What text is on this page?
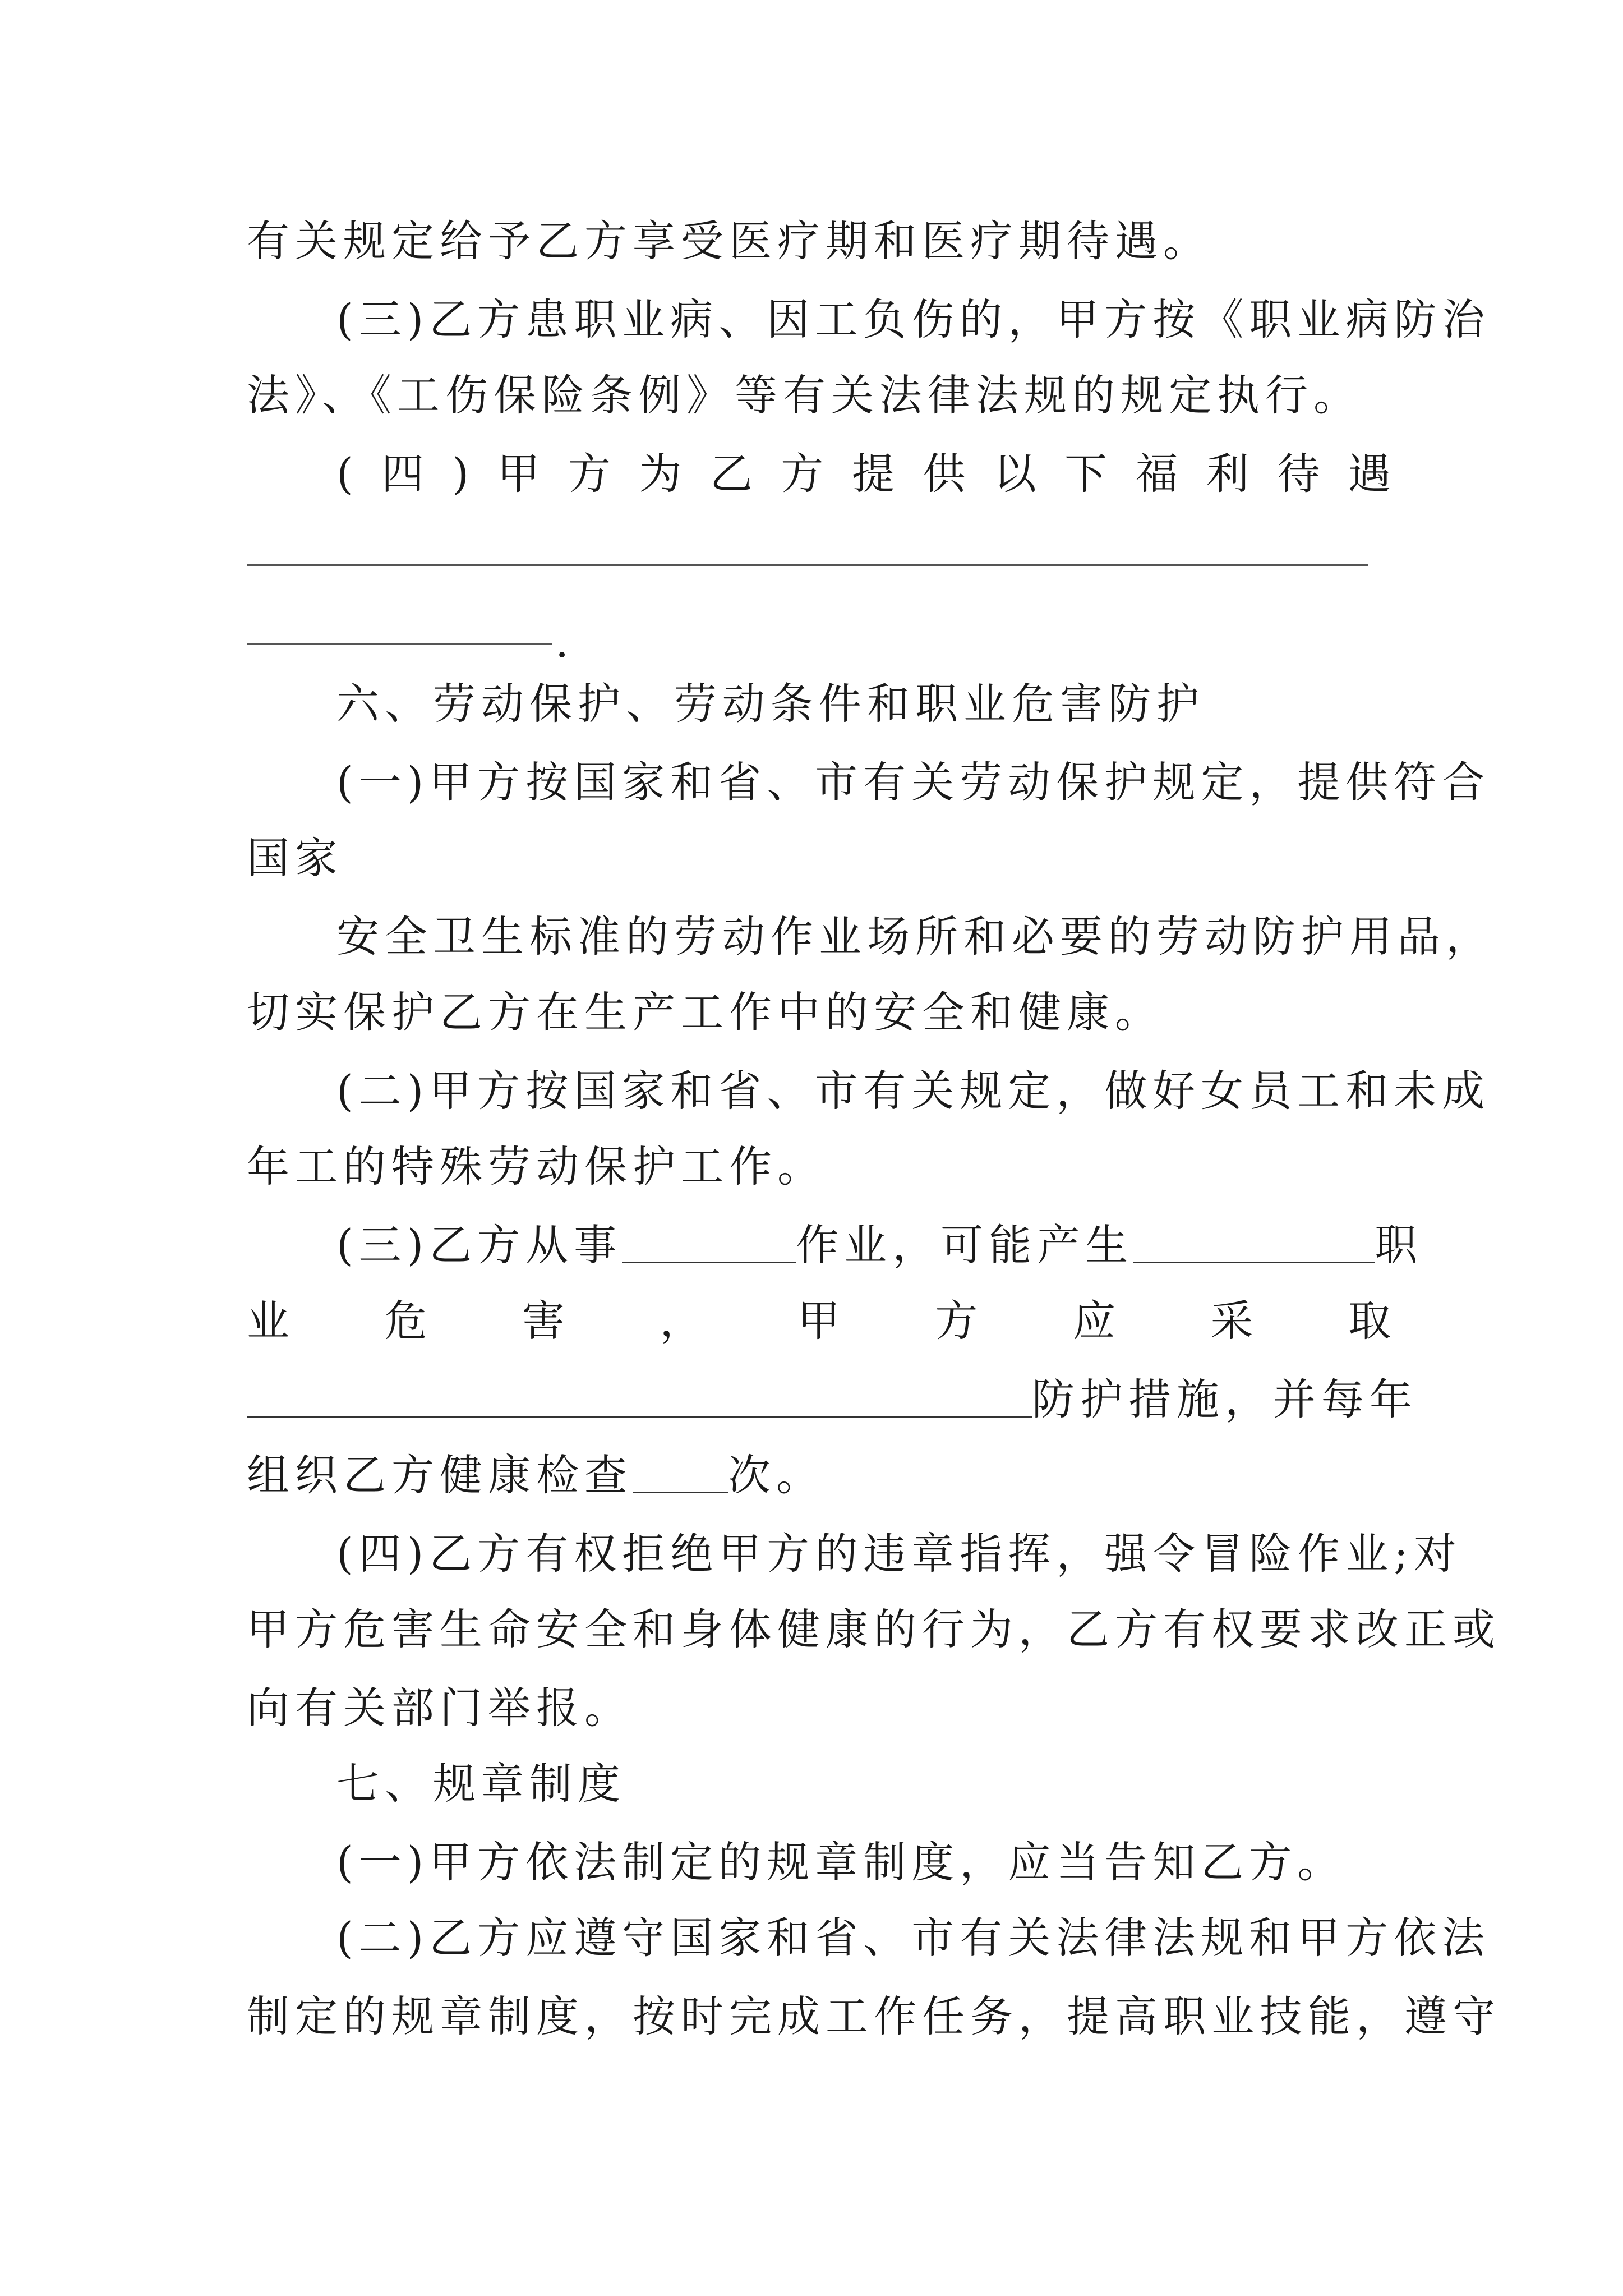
有关规定给予乙方享受医疗期和医疗期待遇。
(三)乙方患职业病、因工负伤的，甲方按《职业病防治
法》、《工伤保险条例》等有关法律法规的规定执行。
( 四 ) 甲 方 为 乙 方 提 供 以 下 福 利 待 遇
.
六、劳动保护、劳动条件和职业危害防护
(一)甲方按国家和省、市有关劳动保护规定，提供符合
国家
安全卫生标准的劳动作业场所和必要的劳动防护用品，
切实保护乙方在生产工作中的安全和健康。
(二)甲方按国家和省、市有关规定，做好女员工和未成
年工的特殊劳动保护工作。
(三)乙方从事	作业，可能产生	职
业 危 害 ， 甲 方 应 采 取
防护措施，并每年
组织乙方健康检查 次。
(四)乙方有权拒绝甲方的违章指挥，强令冒险作业;对
甲方危害生命安全和身体健康的行为，乙方有权要求改正或
向有关部门举报。
七、规章制度
(一)甲方依法制定的规章制度，应当告知乙方。
(二)乙方应遵守国家和省、市有关法律法规和甲方依法
制定的规章制度，按时完成工作任务，提高职业技能，遵守
